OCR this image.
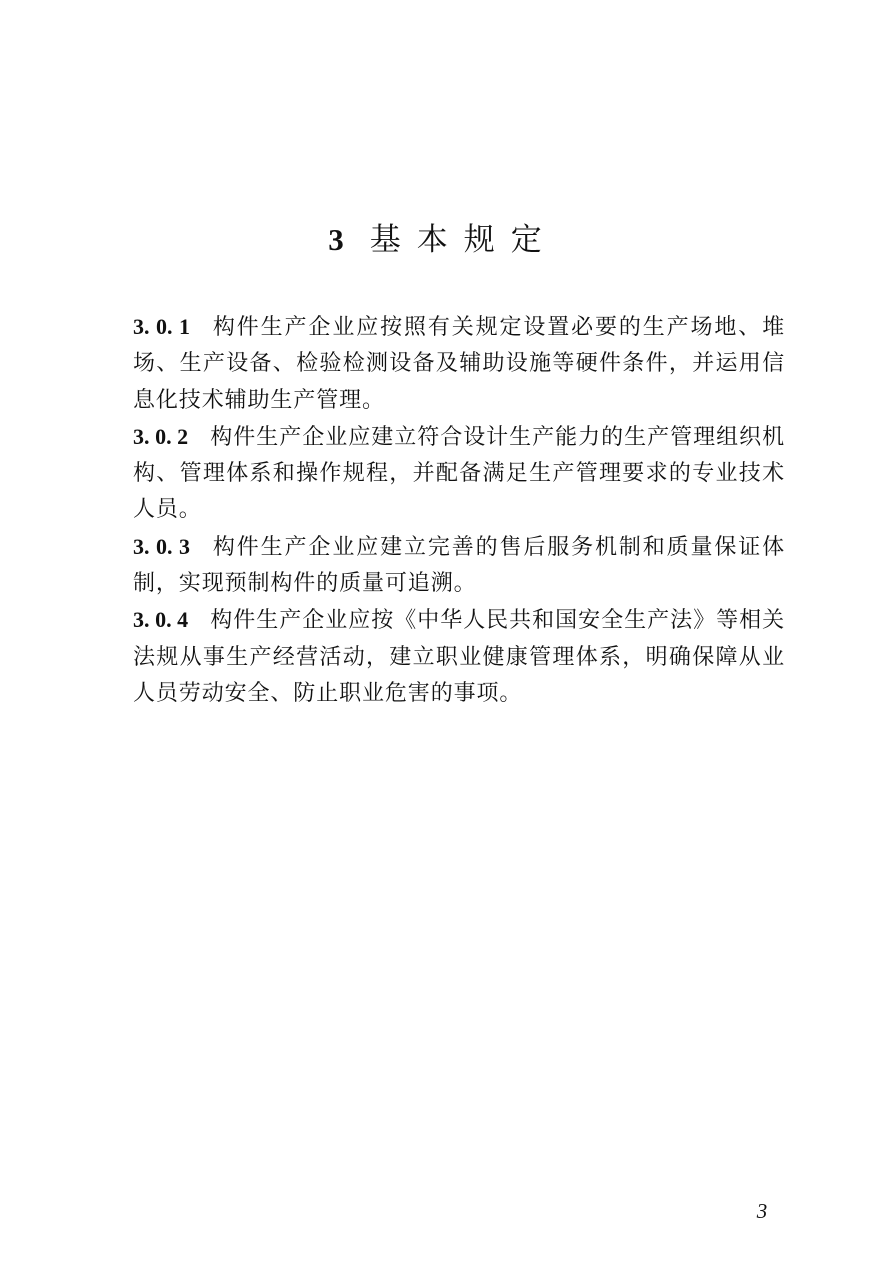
3 基本规定

3. 0. 1 构件生产企业应按照有关规定设置必要的生产场地、堆场、生产设备、检验检测设备及辅助设施等硬件条件，并运用信息化技术辅助生产管理。

3. 0. 2 构件生产企业应建立符合设计生产能力的生产管理组织机构、管理体系和操作规程，并配备满足生产管理要求的专业技术人员。

3. 0. 3 构件生产企业应建立完善的售后服务机制和质量保证体制，实现预制构件的质量可追溯。

3. 0. 4 构件生产企业应按《中华人民共和国安全生产法》等相关法规从事生产经营活动，建立职业健康管理体系，明确保障从业人员劳动安全、防止职业危害的事项。

3
